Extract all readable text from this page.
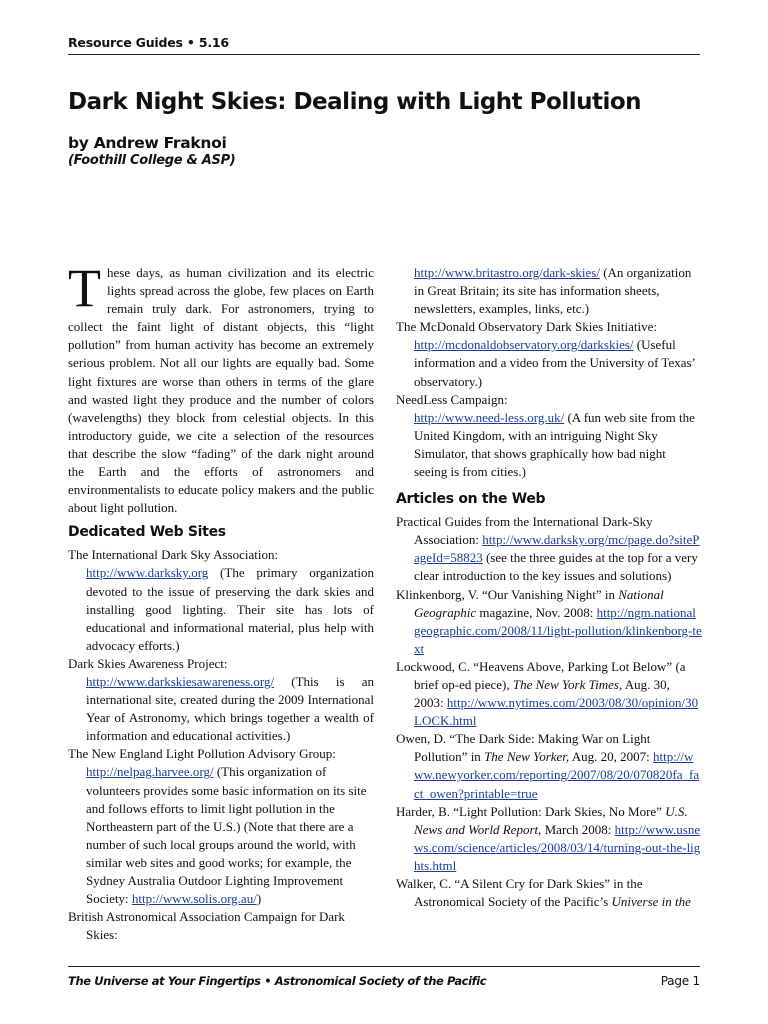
Resource Guides • 5.16
Dark Night Skies: Dealing with Light Pollution
by Andrew Fraknoi
(Foothill College & ASP)

These days, as human civilization and its electric lights spread across the globe, few places on Earth remain truly dark. For astronomers, trying to collect the faint light of distant objects, this “light pollution” from human activity has become an extremely serious problem. Not all our lights are equally bad. Some light fixtures are worse than others in terms of the glare and wasted light they produce and the number of colors (wavelengths) they block from celestial objects. In this introductory guide, we cite a selection of the resources that describe the slow “fading” of the dark night around the Earth and the efforts of astronomers and environmentalists to educate policy makers and the public about light pollution.

Dedicated Web Sites

The International Dark Sky Association:

http://www.darksky.org (The primary organization devoted to the issue of preserving the dark skies and installing good lighting. Their site has lots of educational and informational material, plus help with advocacy efforts.)

Dark Skies Awareness Project:

http://www.darkskiesawareness.org/ (This is an international site, created during the 2009 International Year of Astronomy, which brings together a wealth of information and educational activities.)

The New England Light Pollution Advisory Group:

http://nelpag.harvee.org/ (This organization of volunteers provides some basic information on its site and follows efforts to limit light pollution in the Northeastern part of the U.S.) (Note that there are a number of such local groups around the world, with similar web sites and good works; for example, the Sydney Australia Outdoor Lighting Improvement Society: http://www.solis.org.au/)

British Astronomical Association Campaign for Dark Skies:

http://www.britastro.org/dark-skies/ (An organization in Great Britain; its site has information sheets, newsletters, examples, links, etc.)

The McDonald Observatory Dark Skies Initiative:

http://mcdonaldobservatory.org/darkskies/ (Useful information and a video from the University of Texas’ observatory.)

NeedLess Campaign:

http://www.need-less.org.uk/ (A fun web site from the United Kingdom, with an intriguing Night Sky Simulator, that shows graphically how bad night seeing is from cities.)

Articles on the Web

Practical Guides from the International Dark-Sky Association: http://www.darksky.org/mc/page.do?sitePageId=58823 (see the three guides at the top for a very clear introduction to the key issues and solutions)

Klinkenborg, V. “Our Vanishing Night” in National Geographic magazine, Nov. 2008: http://ngm.nationalgeographic.com/2008/11/light-pollution/klinkenborg-text

Lockwood, C. “Heavens Above, Parking Lot Below” (a brief op-ed piece), The New York Times, Aug. 30, 2003: http://www.nytimes.com/2003/08/30/opinion/30LOCK.html

Owen, D. “The Dark Side: Making War on Light Pollution” in The New Yorker, Aug. 20, 2007: http://www.newyorker.com/reporting/2007/08/20/070820fa_fact_owen?printable=true

Harder, B. “Light Pollution: Dark Skies, No More” U.S. News and World Report, March 2008: http://www.usnews.com/science/articles/2008/03/14/turning-out-the-lights.html

Walker, C. “A Silent Cry for Dark Skies” in the Astronomical Society of the Pacific’s Universe in the

The Universe at Your Fingertips • Astronomical Society of the Pacific	Page 1
